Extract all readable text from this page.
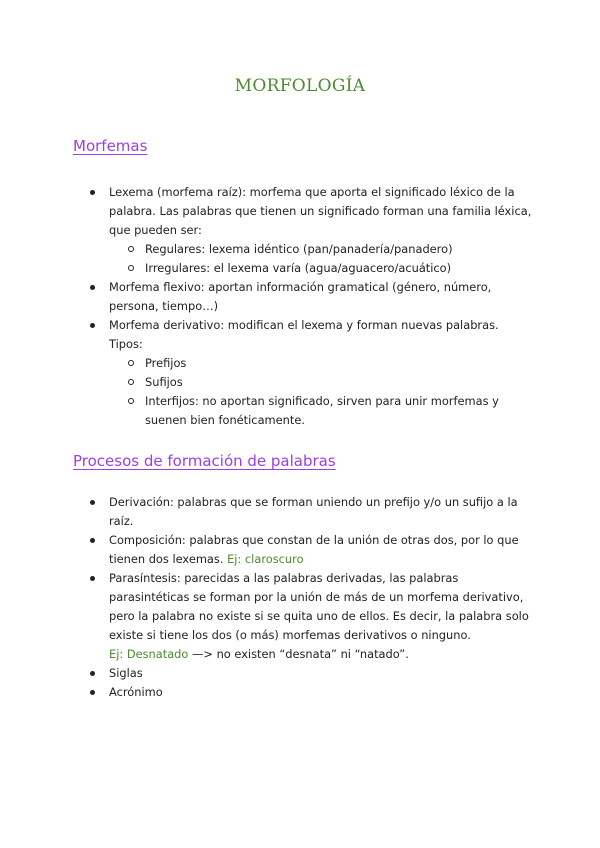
MORFOLOGÍA
Morfemas
Lexema (morfema raíz): morfema que aporta el significado léxico de la palabra. Las palabras que tienen un significado forman una familia léxica, que pueden ser:
Regulares: lexema idéntico (pan/panadería/panadero)
Irregulares: el lexema varía (agua/aguacero/acuático)
Morfema flexivo: aportan información gramatical (género, número, persona, tiempo…)
Morfema derivativo: modifican el lexema y forman nuevas palabras. Tipos:
Prefijos
Sufijos
Interfijos: no aportan significado, sirven para unir morfemas y suenen bien fonéticamente.
Procesos de formación de palabras
Derivación: palabras que se forman uniendo un prefijo y/o un sufijo a la raíz.
Composición: palabras que constan de la unión de otras dos, por lo que tienen dos lexemas. Ej: claroscuro
Parasíntesis: parecidas a las palabras derivadas, las palabras parasintéticas se forman por la unión de más de un morfema derivativo, pero la palabra no existe si se quita uno de ellos. Es decir, la palabra solo existe si tiene los dos (o más) morfemas derivativos o ninguno.
Ej: Desnatado —> no existen “desnata” ni “natado”.
Siglas
Acrónimo
